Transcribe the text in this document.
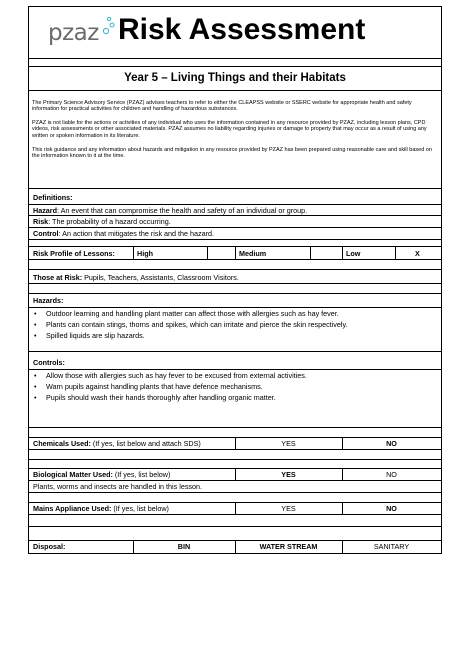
pzaz Risk Assessment
Year 5 – Living Things and their Habitats
The Primary Science Advisory Service (PZAZ) advises teachers to refer to either the CLEAPSS website or SSERC website for appropriate health and safety information for practical activities for children and handling of hazardous substances.
PZAZ is not liable for the actions or activities of any individual who uses the information contained in any resource provided by PZAZ, including lesson plans, CPD videos, risk assessments or other associated materials. PZAZ assumes no liability regarding injuries or damage to property that may occur as a result of using any written or spoken information in its literature.
This risk guidance and any information about hazards and mitigation in any resource provided by PZAZ has been prepared using reasonable care and skill based on the information known to it at the time.
Definitions:
Hazard: An event that can compromise the health and safety of an individual or group.
Risk: The probability of a hazard occurring.
Control: An action that mitigates the risk and the hazard.
Risk Profile of Lessons:	High	Medium	Low	X
Those at Risk: Pupils, Teachers, Assistants, Classroom Visitors.
Hazards:
• Outdoor learning and handling plant matter can affect those with allergies such as hay fever.
• Plants can contain stings, thorns and spikes, which can irritate and pierce the skin respectively.
• Spilled liquids are slip hazards.
Controls:
• Allow those with allergies such as hay fever to be excused from external activities.
• Warn pupils against handling plants that have defence mechanisms.
• Pupils should wash their hands thoroughly after handling organic matter.
Chemicals Used: (If yes, list below and attach SDS)	YES	NO
Biological Matter Used: (If yes, list below)	YES	NO
Plants, worms and insects are handled in this lesson.
Mains Appliance Used: (If yes, list below)	YES	NO
Disposal:	BIN	WATER STREAM	SANITARY
